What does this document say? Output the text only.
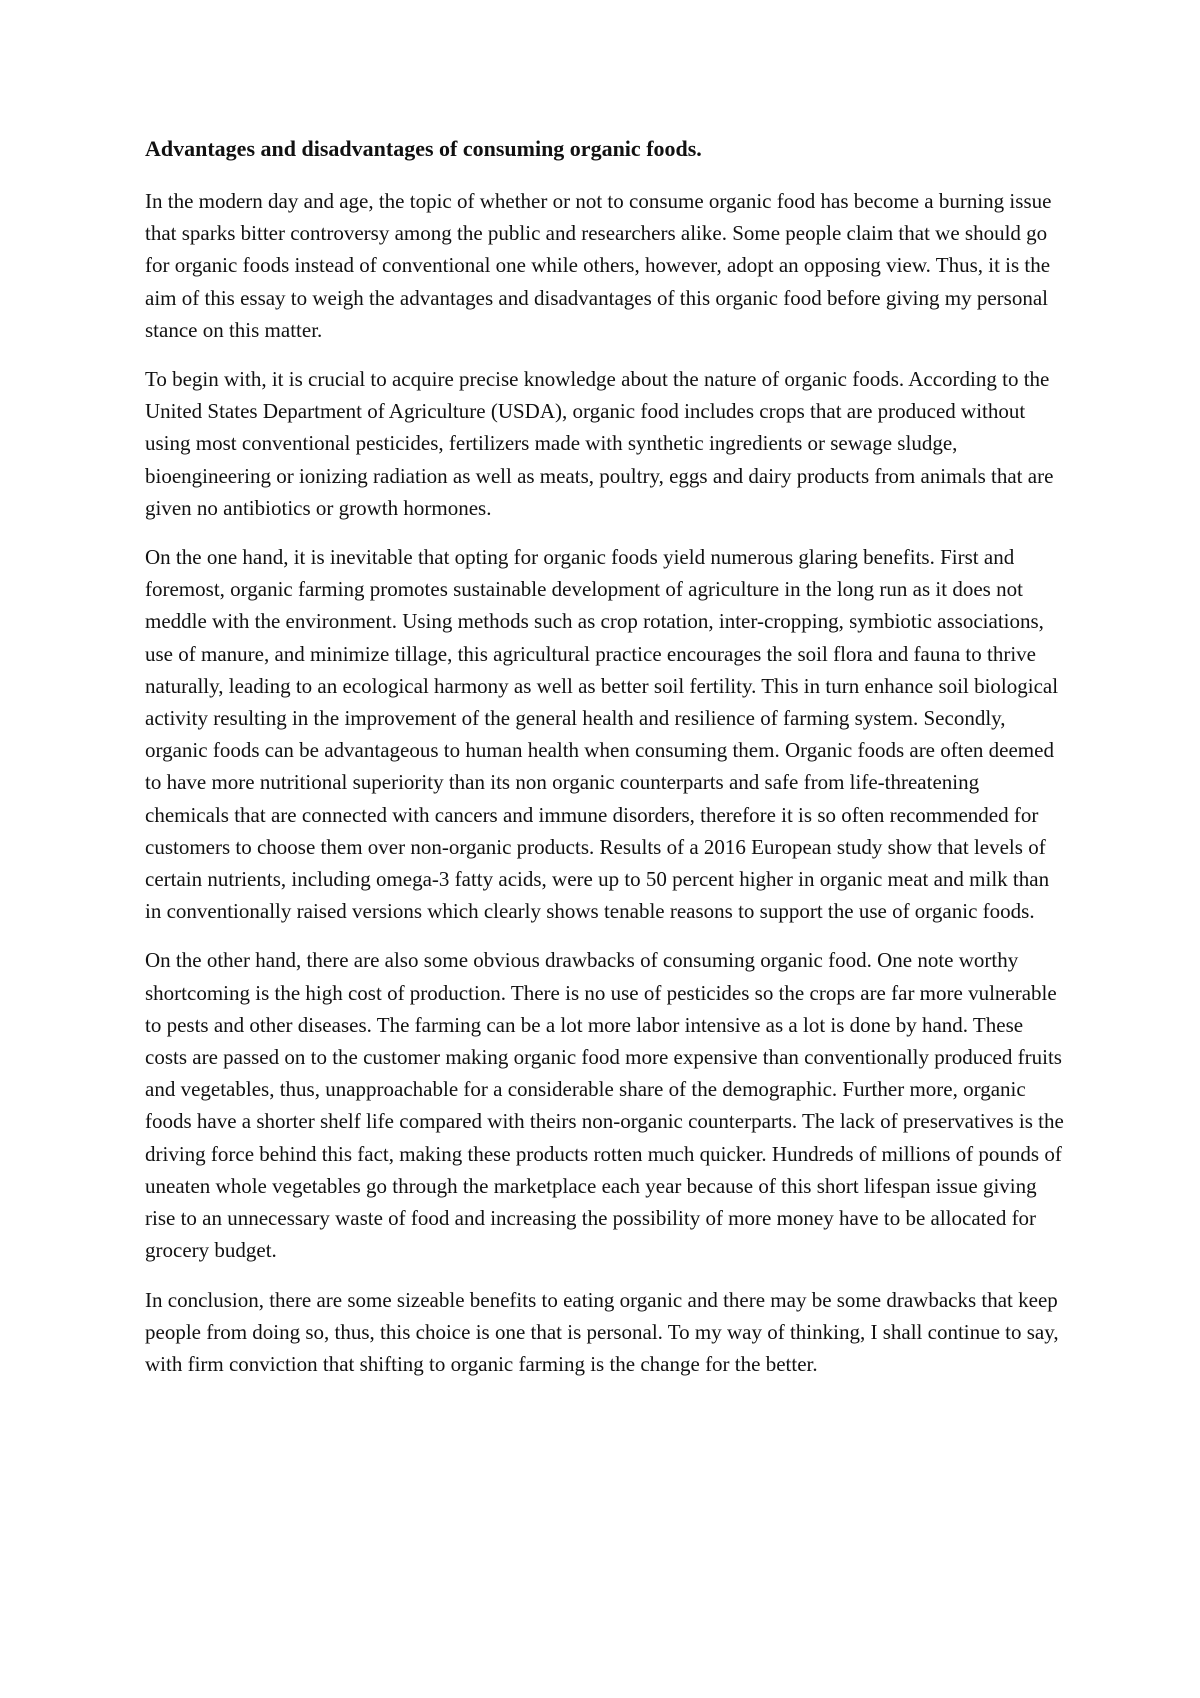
Advantages and disadvantages of consuming organic foods.

In the modern day and age, the topic of whether or not to consume organic food has become a burning issue that sparks bitter controversy among the public and researchers alike. Some people claim that we should go for organic foods instead of conventional one while others, however, adopt an opposing view. Thus, it is the aim of this essay to weigh the advantages and disadvantages of this organic food before giving my personal stance on this matter.

To begin with, it is crucial to acquire precise knowledge about the nature of organic foods. According to the United States Department of Agriculture (USDA), organic food includes crops that are produced without using most conventional pesticides, fertilizers made with synthetic ingredients or sewage sludge, bioengineering or ionizing radiation as well as meats, poultry, eggs and dairy products from animals that are given no antibiotics or growth hormones.

On the one hand, it is inevitable that opting for organic foods yield numerous glaring benefits. First and foremost, organic farming promotes sustainable development of agriculture in the long run as it does not meddle with the environment. Using methods such as crop rotation, inter-cropping, symbiotic associations, use of manure, and minimize tillage, this agricultural practice encourages the soil flora and fauna to thrive naturally, leading to an ecological harmony as well as better soil fertility. This in turn enhance soil biological activity resulting in the improvement of the general health and resilience of farming system. Secondly, organic foods can be advantageous to human health when consuming them. Organic foods are often deemed to have more nutritional superiority than its non organic counterparts and safe from life-threatening chemicals that are connected with cancers and immune disorders, therefore it is so often recommended for customers to choose them over non-organic products. Results of a 2016 European study show that levels of certain nutrients, including omega-3 fatty acids, were up to 50 percent higher in organic meat and milk than in conventionally raised versions which clearly shows tenable reasons to support the use of organic foods.

On the other hand, there are also some obvious drawbacks of consuming organic food. One note worthy shortcoming is the high cost of production. There is no use of pesticides so the crops are far more vulnerable to pests and other diseases. The farming can be a lot more labor intensive as a lot is done by hand. These costs are passed on to the customer making organic food more expensive than conventionally produced fruits and vegetables, thus, unapproachable for a considerable share of the demographic. Further more, organic foods have a shorter shelf life compared with theirs non-organic counterparts. The lack of preservatives is the driving force behind this fact, making these products rotten much quicker. Hundreds of millions of pounds of uneaten whole vegetables go through the marketplace each year because of this short lifespan issue giving rise to an unnecessary waste of food and increasing the possibility of more money have to be allocated for grocery budget.

In conclusion, there are some sizeable benefits to eating organic and there may be some drawbacks that keep people from doing so, thus, this choice is one that is personal. To my way of thinking, I shall continue to say, with firm conviction that shifting to organic farming is the change for the better.
